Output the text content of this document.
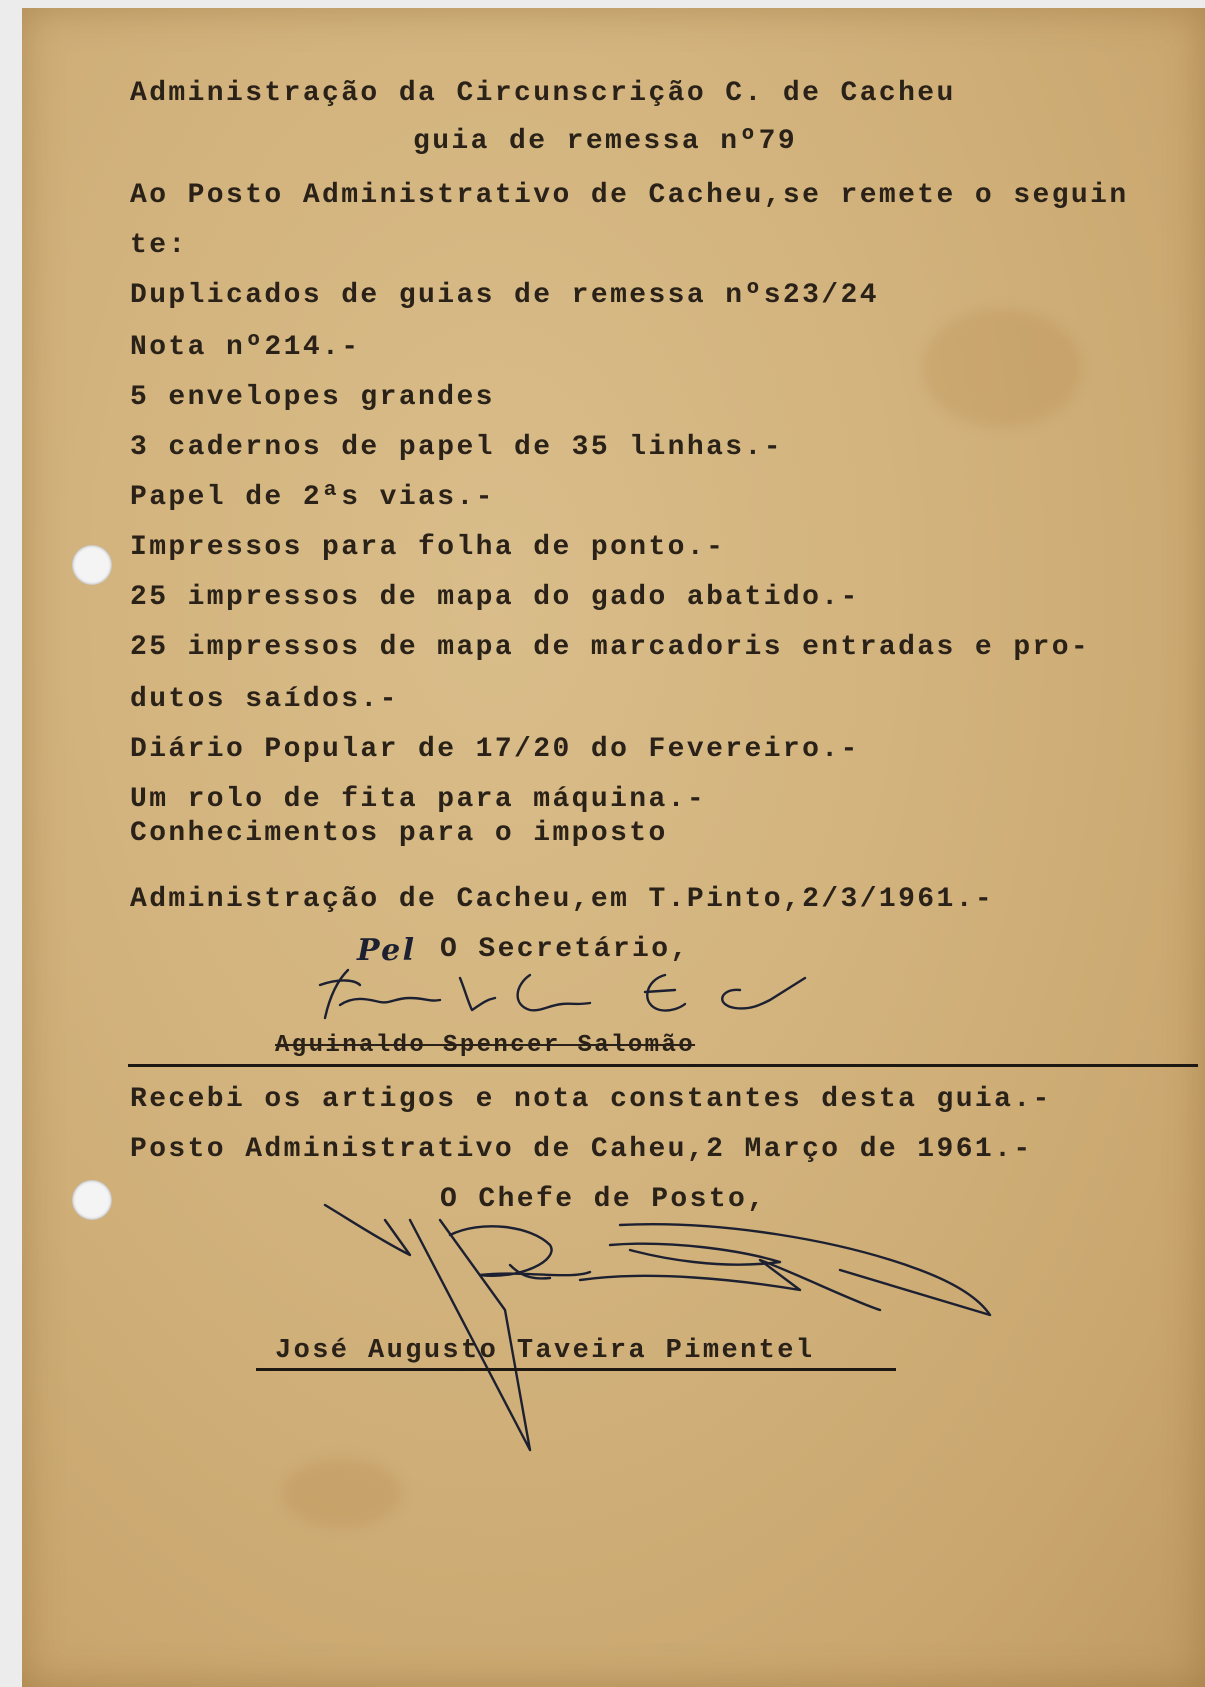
Administração da Circunscrição C. de Cacheu
guia de remessa nº79
Ao Posto Administrativo de Cacheu,se remete o seguin
te:
Duplicados de guias de remessa nºs23/24
Nota nº214.-
5 envelopes grandes
3 cadernos de papel de 35 linhas.-
Papel de 2ªs vias.-
Impressos para folha de ponto.-
25 impressos de mapa do gado abatido.-
25 impressos de mapa de marcadoris entradas e pro-
dutos saídos.-
Diário Popular de 17/20 do Fevereiro.-
Um rolo de fita para máquina.-
Conhecimentos para o imposto
Administração de Cacheu,em T.Pinto,2/3/1961.-
Pel O Secretário,
Aguinaldo Spencer Salomão
Recebi os artigos e nota constantes desta guia.-
Posto Administrativo de Caheu,2 Março de 1961.-
O Chefe de Posto,
José Augusto Taveira Pimentel
